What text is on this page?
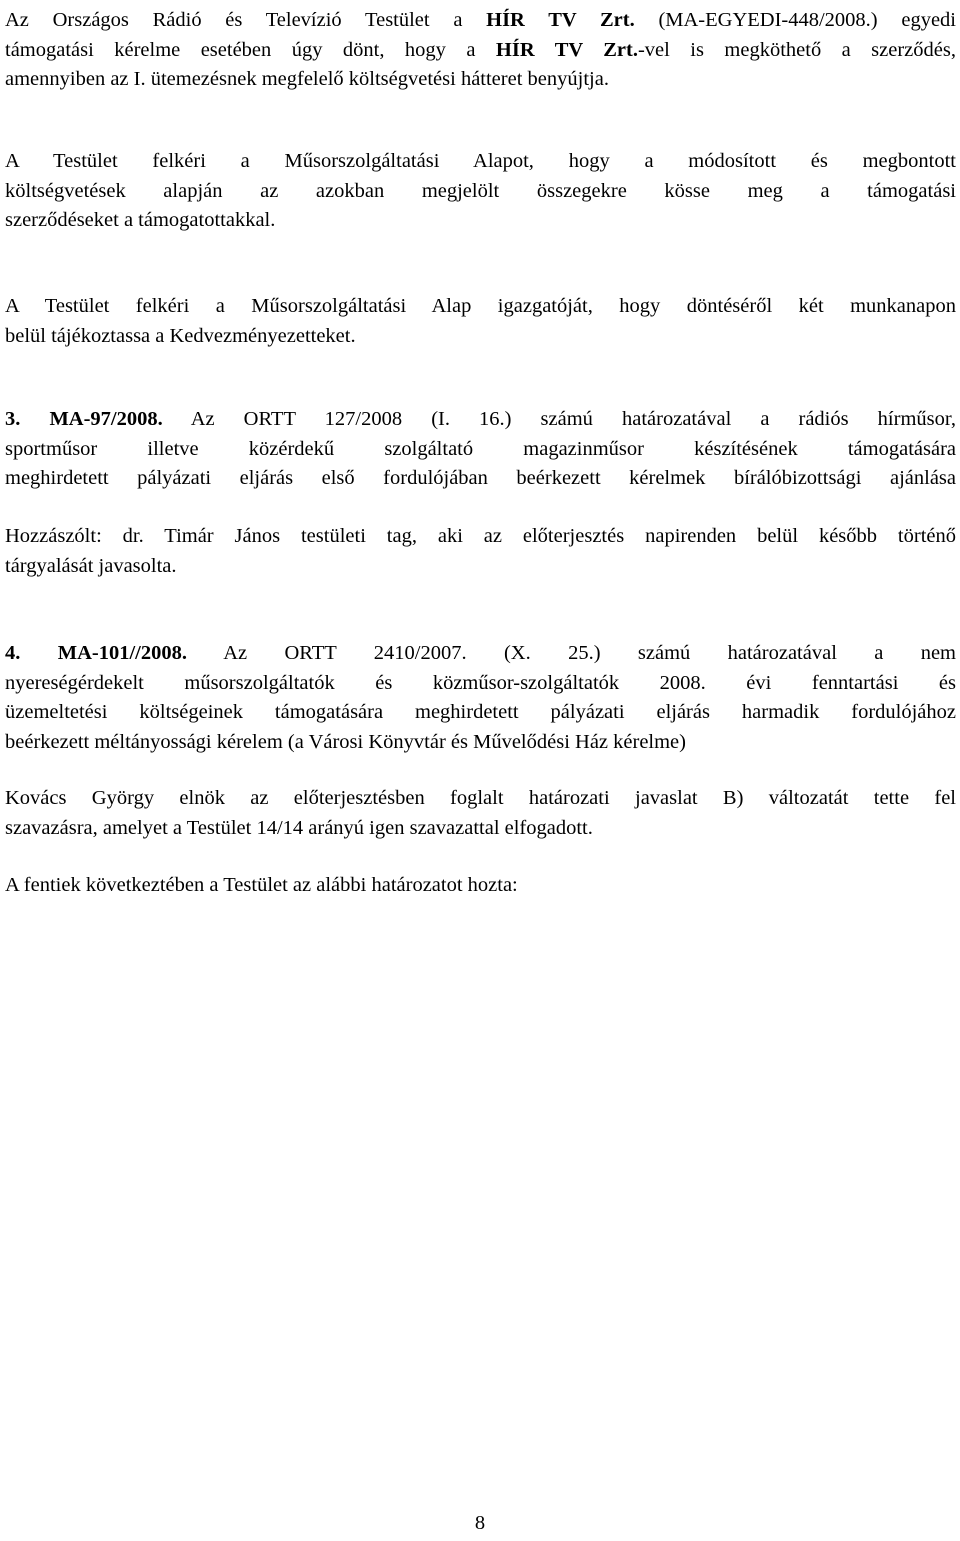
Az Országos Rádió és Televízió Testület a HÍR TV Zrt. (MA-EGYEDI-448/2008.) egyedi
támogatási kérelme esetében úgy dönt, hogy a HÍR TV Zrt.-vel is megköthető a szerződés,
amennyiben az I. ütemezésnek megfelelő költségvetési hátteret benyújtja.
A Testület felkéri a Műsorszolgáltatási Alapot, hogy a módosított és megbontott
költségvetések alapján az azokban megjelölt összegekre kösse meg a támogatási
szerződéseket a támogatottakkal.
A Testület felkéri a Műsorszolgáltatási Alap igazgatóját, hogy döntéséről két munkanapon
belül tájékoztassa a Kedvezményezetteket.
3. MA-97/2008. Az ORTT 127/2008 (I. 16.) számú határozatával a rádiós hírműsor,
sportműsor illetve közérdekű szolgáltató magazinműsor készítésének támogatására
meghirdetett pályázati eljárás első fordulójában beérkezett kérelmek bírálóbizottsági ajánlása
Hozzászólt: dr. Timár János testületi tag, aki az előterjesztés napirenden belül később történő
tárgyalását javasolta.
4. MA-101//2008. Az ORTT 2410/2007. (X. 25.) számú határozatával a nem
nyereségérdekelt műsorszolgáltatók és közműsor-szolgáltatók 2008. évi fenntartási és
üzemeltetési költségeinek támogatására meghirdetett pályázati eljárás harmadik fordulójához
beérkezett méltányossági kérelem (a Városi Könyvtár és Művelődési Ház kérelme)
Kovács György elnök az előterjesztésben foglalt határozati javaslat B) változatát tette fel
szavazásra, amelyet a Testület 14/14 arányú igen szavazattal elfogadott.
A fentiek következtében a Testület az alábbi határozatot hozta:
8
